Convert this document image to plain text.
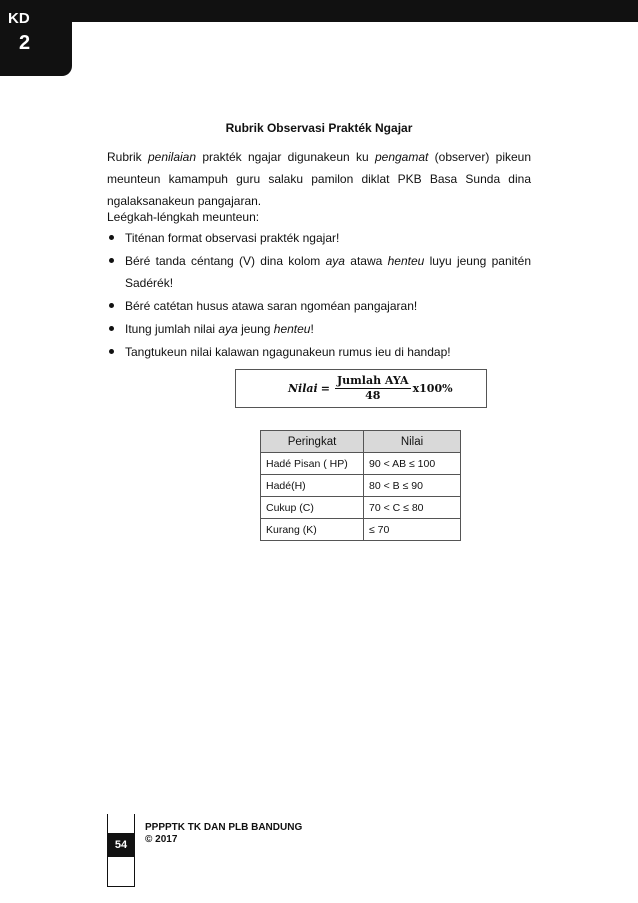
KD
2
Rubrik Observasi Prakték Ngajar
Rubrik penilaian prakték ngajar digunakeun ku pengamat (observer) pikeun
meunteun kamampuh guru salaku pamilon diklat PKB Basa Sunda dina
ngalaksanakeun pangajaran.
Leégkah-léngkah meunteun:
Titénan format observasi prakték ngajar!
Béré tanda céntang (V) dina kolom aya atawa henteu luyu jeung panitén
Sadérék!
Béré catétan husus atawa saran ngoméan pangajaran!
Itung jumlah nilai aya jeung henteu!
Tangtukeun nilai kalawan ngagunakeun rumus ieu di handap!
Nilai = $\frac{\text{Jumlah AYA}}{48} x100\%$
Peringkat	Nilai
Hadé Pisan ( HP)	90 < AB ≤ 100
Hadé(H)	80 < B ≤ 90
Cukup (C)	70 < C ≤ 80
Kurang (K)	≤ 70
54
PPPPTK TK DAN PLB BANDUNG
© 2017
